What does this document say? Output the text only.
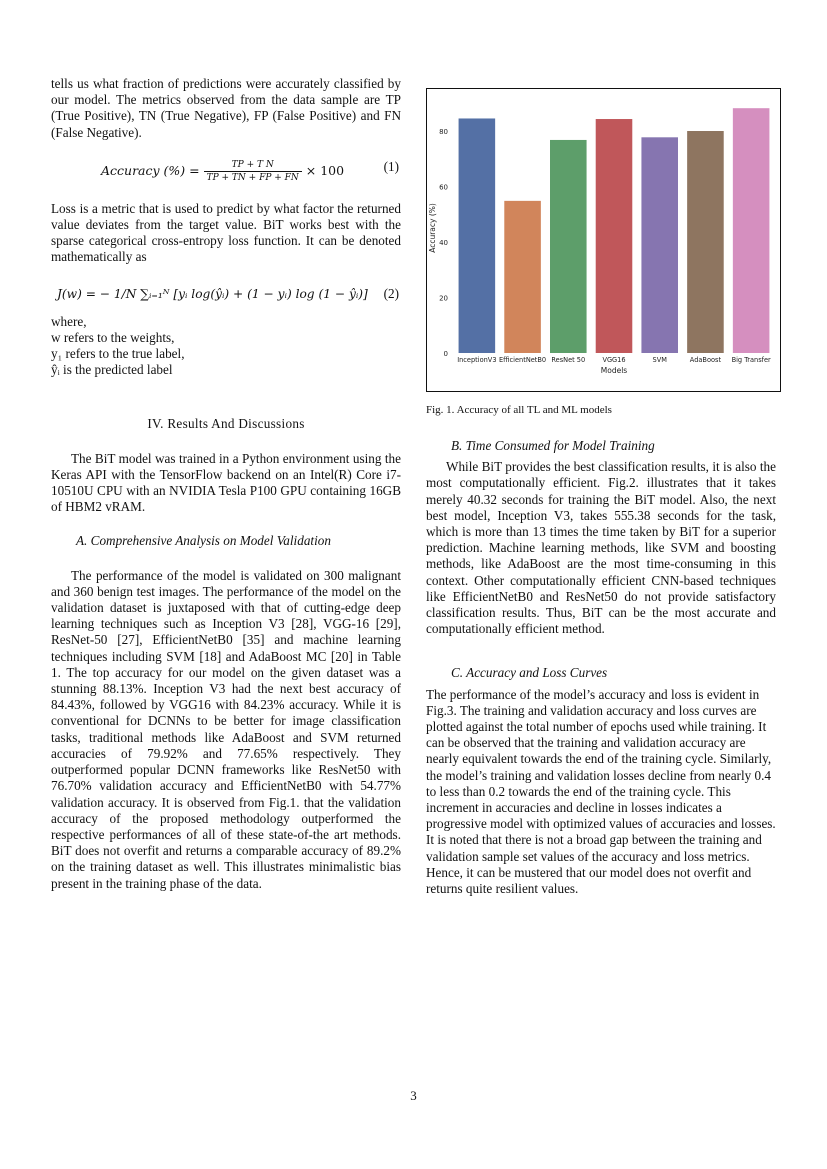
tells us what fraction of predictions were accurately classified by our model. The metrics observed from the data sample are TP (True Positive), TN (True Negative), FP (False Positive) and FN (False Negative).

Accuracy (%) = $\frac{\text{TP + T N}}{TP + TN + FP + FN} \times 100$	(1)

Loss is a metric that is used to predict by what factor the returned value deviates from the target value. BiT works best with the sparse categorical cross-entropy loss function. It can be denoted mathematically as

J(w) = − 1/N ∑ᵢ₌₁ᴺ [yᵢ log(ŷᵢ) + (1 − yᵢ) log (1 − ŷᵢ)] (2)
where,
w refers to the weights,
y₁ refers to the true label,
ŷᵢ is the predicted label
IV. Results And Discussions

The BiT model was trained in a Python environment using the Keras API with the TensorFlow backend on an Intel(R) Core i7-10510U CPU with an NVIDIA Tesla P100 GPU containing 16GB of HBM2 vRAM.

A. Comprehensive Analysis on Model Validation

The performance of the model is validated on 300 malignant and 360 benign test images. The performance of the model on the validation dataset is juxtaposed with that of cutting-edge deep learning techniques such as Inception V3 [28], VGG-16 [29], ResNet-50 [27], EfficientNetB0 [35] and machine learning techniques including SVM [18] and AdaBoost MC [20] in Table 1. The top accuracy for our model on the given dataset was a stunning 88.13%. Inception V3 had the next best accuracy of 84.43%, followed by VGG16 with 84.23% accuracy. While it is conventional for DCNNs to be better for image classification tasks, traditional methods like AdaBoost and SVM returned accuracies of 79.92% and 77.65% respectively. They outperformed popular DCNN frameworks like ResNet50 with 76.70% validation accuracy and EfficientNetB0 with 54.77% validation accuracy. It is observed from Fig.1. that the validation accuracy of the proposed methodology outperformed the respective performances of all of these state-of-the art methods. BiT does not overfit and returns a comparable accuracy of 89.2% on the training dataset as well. This illustrates minimalistic bias present in the training phase of the data.

0
20
40
60
80
InceptionV3 EfficientNetB0 ResNet 50	VGG16	SVM	AdaBoost Big Transfer
Models
Accuracy (%)
Fig. 1. Accuracy of all TL and ML models
B. Time Consumed for Model Training

While BiT provides the best classification results, it is also the most computationally efficient. Fig.2. illustrates that it takes merely 40.32 seconds for training the BiT model. Also, the next best model, Inception V3, takes 555.38 seconds for the task, which is more than 13 times the time taken by BiT for a superior prediction. Machine learning methods, like SVM and boosting methods, like AdaBoost are the most time-consuming in this context. Other computationally efficient CNN-based techniques like EfficientNetB0 and ResNet50 do not provide satisfactory classification results. Thus, BiT can be the most accurate and computationally efficient method.

C. Accuracy and Loss Curves

The performance of the model’s accuracy and loss is evident in Fig.3. The training and validation accuracy and loss curves are plotted against the total number of epochs used while training. It can be observed that the training and validation accuracy are nearly equivalent towards the end of the training cycle. Similarly, the model’s training and validation losses decline from nearly 0.4 to less than 0.2 towards the end of the training cycle. This increment in accuracies and decline in losses indicates a progressive model with optimized values of accuracies and losses. It is noted that there is not a broad gap between the training and validation sample set values of the accuracy and loss metrics. Hence, it can be mustered that our model does not overfit and returns quite resilient values.

3
